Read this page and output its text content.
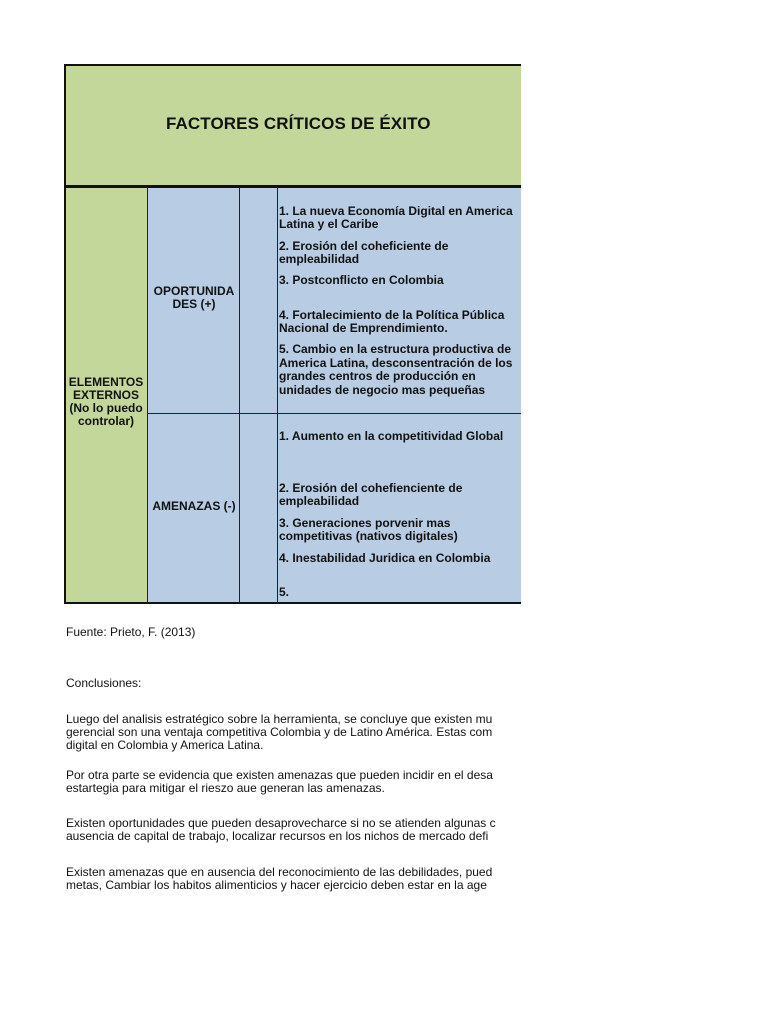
FACTORES CRÍTICOS DE ÉXITO
ELEMENTOS EXTERNOS (No lo puedo controlar)
OPORTUNIDA DES (+)
AMENAZAS (-)
1. La nueva Economía Digital en America
Latina y el Caribe
2. Erosión del coheficiente de
empleabilidad
3. Postconflicto en Colombia
4. Fortalecimiento de la Política Pública
Nacional de Emprendimiento.
5. Cambio en la estructura productiva de
America Latina, desconsentración de los
grandes centros de producción en
unidades de negocio mas pequeñas
1. Aumento en la competitividad Global
2. Erosión del cohefienciente de
empleabilidad
3. Generaciones porvenir mas
competitivas (nativos digitales)
4. Inestabilidad Juridica en Colombia
5.
Fuente: Prieto, F. (2013)
Conclusiones:
Luego del analisis estratégico sobre la herramienta, se concluye que existen mu
gerencial son una ventaja competitiva Colombia y de Latino América. Estas com
digital en Colombia y America Latina.
Por otra parte se evidencia que existen amenazas que pueden incidir en el desa
estartegia para mitigar el rieszo aue generan las amenazas.
Existen oportunidades que pueden desaprovecharce si no se atienden algunas c
ausencia de capital de trabajo, localizar recursos en los nichos de mercado defi
Existen amenazas que en ausencia del reconocimiento de las debilidades, pued
metas, Cambiar los habitos alimenticios y hacer ejercicio deben estar en la age
